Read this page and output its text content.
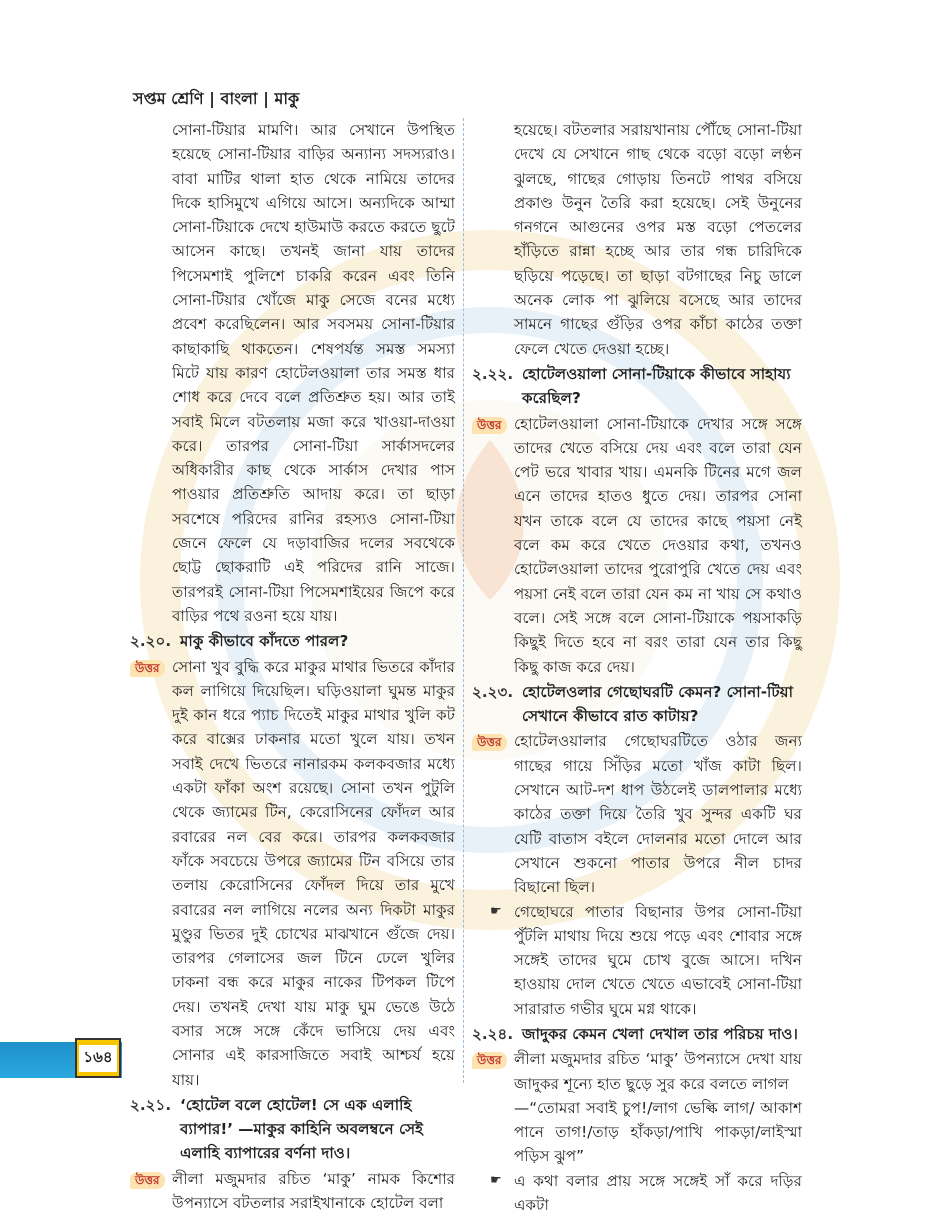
সপ্তম শ্রেণি | বাংলা | মাকু

সোনা-টিয়ার মামণি। আর সেখানে উপস্থিত হয়েছে সোনা-টিয়ার বাড়ির অন্যান্য সদস্যরাও। বাবা মাটির থালা হাত থেকে নামিয়ে তাদের দিকে হাসিমুখে এগিয়ে আসে। অন্যদিকে আম্মা সোনা-টিয়াকে দেখে হাউমাউ করতে করতে ছুটে আসেন কাছে। তখনই জানা যায় তাদের পিসেমশাই পুলিশে চাকরি করেন এবং তিনি সোনা-টিয়ার খোঁজে মাকু সেজে বনের মধ্যে প্রবেশ করেছিলেন। আর সবসময় সোনা-টিয়ার কাছাকাছি থাকতেন। শেষপর্যন্ত সমস্ত সমস্যা মিটে যায় কারণ হোটেলওয়ালা তার সমস্ত ধার শোধ করে দেবে বলে প্রতিশ্রুত হয়। আর তাই সবাই মিলে বটতলায় মজা করে খাওয়া-দাওয়া করে। তারপর সোনা-টিয়া সার্কাসদলের অধিকারীর কাছ থেকে সার্কাস দেখার পাস পাওয়ার প্রতিশ্রুতি আদায় করে। তা ছাড়া সবশেষে পরিদের রানির রহস্যও সোনা-টিয়া জেনে ফেলে যে দড়াবাজির দলের সবথেকে ছোট্ট ছোকরাটি এই পরিদের রানি সাজে। তারপরই সোনা-টিয়া পিসেমশাইয়ের জিপে করে বাড়ির পথে রওনা হয়ে যায়।

২.২০. মাকু কীভাবে কাঁদতে পারল?
উত্তর সোনা খুব বুদ্ধি করে মাকুর মাথার ভিতরে কাঁদার কল লাগিয়ে দিয়েছিল। ঘড়িওয়ালা ঘুমন্ত মাকুর দুই কান ধরে প্যাচ দিতেই মাকুর মাথার খুলি কট করে বাক্সের ঢাকনার মতো খুলে যায়। তখন সবাই দেখে ভিতরে নানারকম কলকবজার মধ্যে একটা ফাঁকা অংশ রয়েছে। সোনা তখন পুটুলি থেকে জ্যামের টিন, কেরোসিনের ফোঁদল আর রবারের নল বের করে। তারপর কলকবজার ফাঁকে সবচেয়ে উপরে জ্যামের টিন বসিয়ে তার তলায় কেরোসিনের ফোঁদল দিয়ে তার মুখে রবারের নল লাগিয়ে নলের অন্য দিকটা মাকুর মুণ্ডুর ভিতর দুই চোখের মাঝখানে গুঁজে দেয়। তারপর গেলাসের জল টিনে ঢেলে খুলির ঢাকনা বন্ধ করে মাকুর নাকের টিপকল টিপে দেয়। তখনই দেখা যায় মাকু ঘুম ভেঙে উঠে বসার সঙ্গে সঙ্গে কেঁদে ভাসিয়ে দেয় এবং সোনার এই কারসাজিতে সবাই আশ্চর্য হয়ে যায়।
২.২১. ‘হোটেল বলে হোটেল! সে এক এলাহি ব্যাপার!’ —মাকুর কাহিনি অবলম্বনে সেই এলাহি ব্যাপারের বর্ণনা দাও।
উত্তর লীলা মজুমদার রচিত ‘মাকু’ নামক কিশোর উপন্যাসে বটতলার সরাইখানাকে হোটেল বলা

হয়েছে। বটতলার সরায়খানায় পৌঁছে সোনা-টিয়া দেখে যে সেখানে গাছ থেকে বড়ো বড়ো লণ্ঠন ঝুলছে, গাছের গোড়ায় তিনটে পাথর বসিয়ে প্রকাণ্ড উনুন তৈরি করা হয়েছে। সেই উনুনের গনগনে আগুনের ওপর মস্ত বড়ো পেতলের হাঁড়িতে রান্না হচ্ছে আর তার গন্ধ চারিদিকে ছড়িয়ে পড়েছে। তা ছাড়া বটগাছের নিচু ডালে অনেক লোক পা ঝুলিয়ে বসেছে আর তাদের সামনে গাছের গুঁড়ির ওপর কাঁচা কাঠের তক্তা ফেলে খেতে দেওয়া হচ্ছে।

২.২২. হোটেলওয়ালা সোনা-টিয়াকে কীভাবে সাহায্য করেছিল?
উত্তর হোটেলওয়ালা সোনা-টিয়াকে দেখার সঙ্গে সঙ্গে তাদের খেতে বসিয়ে দেয় এবং বলে তারা যেন পেট ভরে খাবার খায়। এমনকি টিনের মগে জল এনে তাদের হাতও ধুতে দেয়। তারপর সোনা যখন তাকে বলে যে তাদের কাছে পয়সা নেই বলে কম করে খেতে দেওয়ার কথা, তখনও হোটেলওয়ালা তাদের পুরোপুরি খেতে দেয় এবং পয়সা নেই বলে তারা যেন কম না খায় সে কথাও বলে। সেই সঙ্গে বলে সোনা-টিয়াকে পয়সাকড়ি কিছুই দিতে হবে না বরং তারা যেন তার কিছু কিছু কাজ করে দেয়।
২.২৩. হোটেলওলার গেছোঘরটি কেমন? সোনা-টিয়া সেখানে কীভাবে রাত কাটায়?
উত্তর হোটেলওয়ালার গেছোঘরটিতে ওঠার জন্য গাছের গায়ে সিঁড়ির মতো খাঁজ কাটা ছিল। সেখানে আট-দশ ধাপ উঠলেই ডালপালার মধ্যে কাঠের তক্তা দিয়ে তৈরি খুব সুন্দর একটি ঘর যেটি বাতাস বইলে দোলনার মতো দোলে আর সেখানে শুকনো পাতার উপরে নীল চাদর বিছানো ছিল।
☛ গেছোঘরে পাতার বিছানার উপর সোনা-টিয়া পুঁটলি মাথায় দিয়ে শুয়ে পড়ে এবং শোবার সঙ্গে সঙ্গেই তাদের ঘুমে চোখ বুজে আসে। দখিন হাওয়ায় দোল খেতে খেতে এভাবেই সোনা-টিয়া সারারাত গভীর ঘুমে মগ্ন থাকে।
২.২৪. জাদুকর কেমন খেলা দেখাল তার পরিচয় দাও।
উত্তর লীলা মজুমদার রচিত ‘মাকু’ উপন্যাসে দেখা যায় জাদুকর শূন্যে হাত ছুড়ে সুর করে বলতে লাগল
—“তোমরা সবাই চুপ!/লাগ ভেল্কি লাগ/ আকাশ পানে তাগ!/তাড় হাঁকড়া/পাখি পাকড়া/লাইস্মা পড়িস ঝুপ”
☛ এ কথা বলার প্রায় সঙ্গে সঙ্গেই সাঁ করে দড়ির একটা
১৬৪
